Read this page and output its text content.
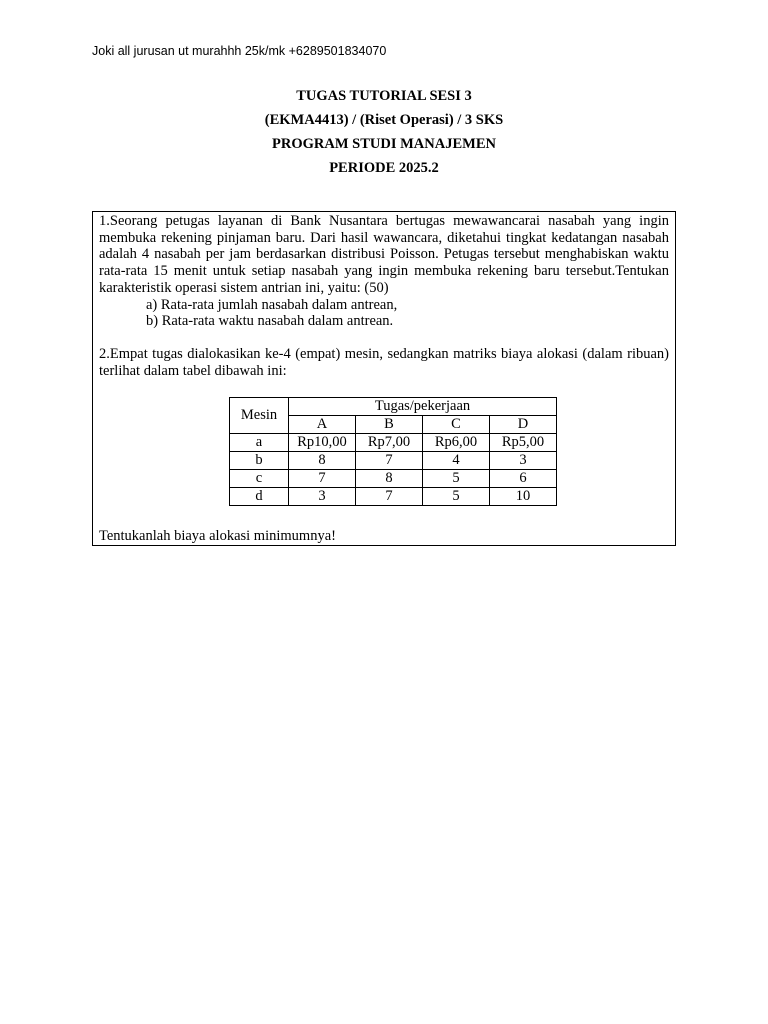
Joki all jurusan ut murahhh 25k/mk +6289501834070
TUGAS TUTORIAL SESI 3
(EKMA4413) / (Riset Operasi) / 3 SKS
PROGRAM STUDI MANAJEMEN
PERIODE 2025.2
1.Seorang petugas layanan di Bank Nusantara bertugas mewawancarai nasabah yang ingin membuka rekening pinjaman baru. Dari hasil wawancara, diketahui tingkat kedatangan nasabah adalah 4 nasabah per jam berdasarkan distribusi Poisson. Petugas tersebut menghabiskan waktu rata-rata 15 menit untuk setiap nasabah yang ingin membuka rekening baru tersebut.Tentukan karakteristik operasi sistem antrian ini, yaitu: (50)
a) Rata-rata jumlah nasabah dalam antrean,
b) Rata-rata waktu nasabah dalam antrean.
2.Empat tugas dialokasikan ke-4 (empat) mesin, sedangkan matriks biaya alokasi (dalam ribuan) terlihat dalam tabel dibawah ini:
Mesin	Tugas/pekerjaan			
	A	B	C	D
a	Rp10,00	Rp7,00	Rp6,00	Rp5,00
b	8	7	4	3
c	7	8	5	6
d	3	7	5	10
Tentukanlah biaya alokasi minimumnya!
